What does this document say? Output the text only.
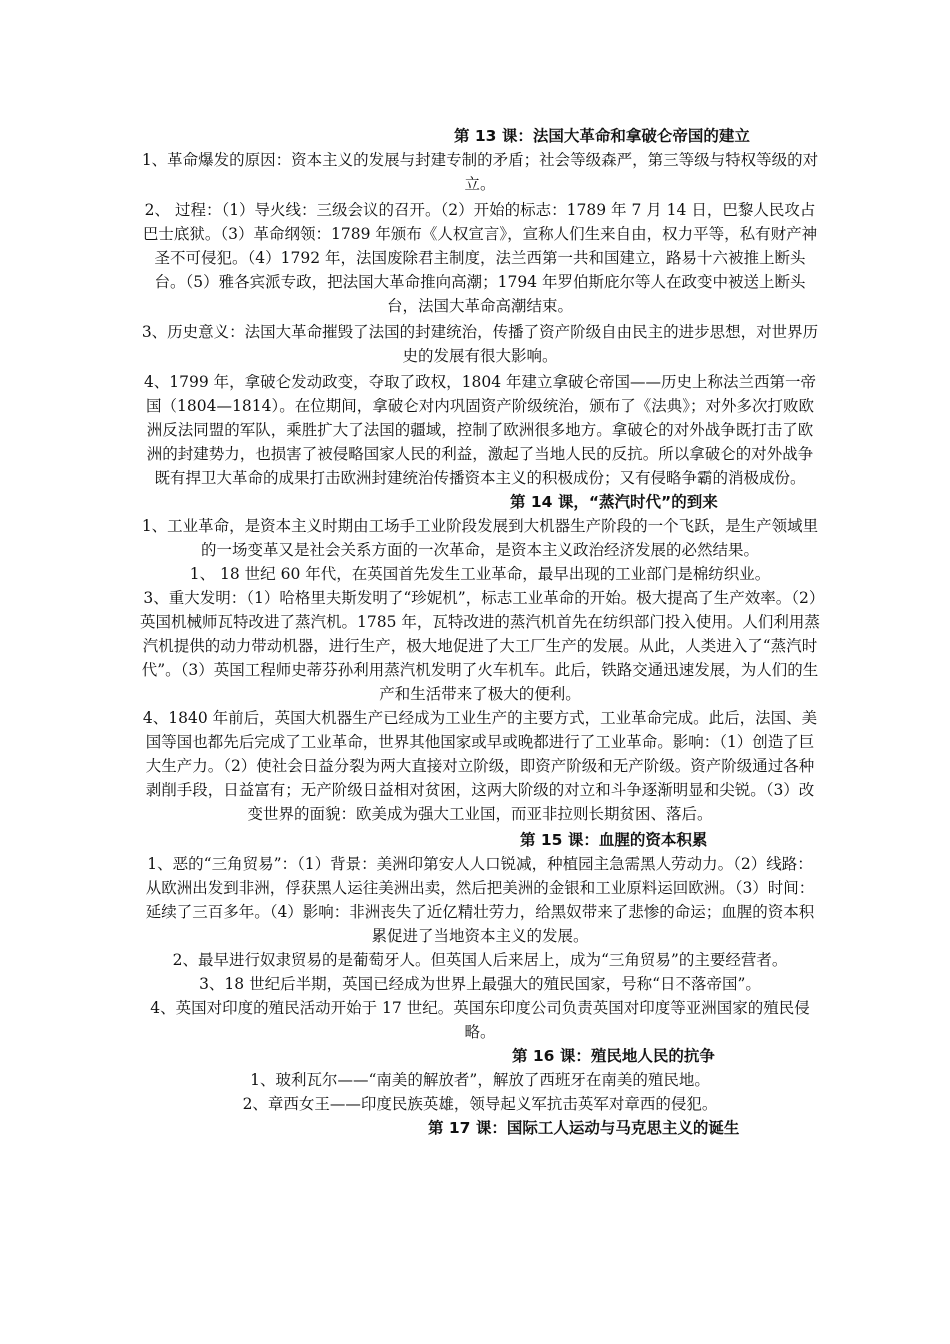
第 13 课：法国大革命和拿破仑帝国的建立

1、革命爆发的原因：资本主义的发展与封建专制的矛盾；社会等级森严，第三等级与特权等级的对立。

2、 过程：（1）导火线：三级会议的召开。（2）开始的标志：1789 年 7 月 14 日，巴黎人民攻占巴士底狱。（3）革命纲领：1789 年颁布《人权宣言》，宣称人们生来自由，权力平等，私有财产神圣不可侵犯。（4）1792 年，法国废除君主制度，法兰西第一共和国建立，路易十六被推上断头台。（5）雅各宾派专政，把法国大革命推向高潮；1794 年罗伯斯庇尔等人在政变中被送上断头台，法国大革命高潮结束。

3、历史意义：法国大革命摧毁了法国的封建统治，传播了资产阶级自由民主的进步思想，对世界历史的发展有很大影响。

4、1799 年，拿破仑发动政变，夺取了政权，1804 年建立拿破仑帝国——历史上称法兰西第一帝国（1804—1814）。在位期间，拿破仑对内巩固资产阶级统治，颁布了《法典》；对外多次打败欧洲反法同盟的军队，乘胜扩大了法国的疆域，控制了欧洲很多地方。拿破仑的对外战争既打击了欧洲的封建势力，也损害了被侵略国家人民的利益，激起了当地人民的反抗。所以拿破仑的对外战争既有捍卫大革命的成果打击欧洲封建统治传播资本主义的积极成份；又有侵略争霸的消极成份。

第 14 课，“蒸汽时代”的到来

1、工业革命，是资本主义时期由工场手工业阶段发展到大机器生产阶段的一个飞跃，是生产领域里的一场变革又是社会关系方面的一次革命，是资本主义政治经济发展的必然结果。

1、 18 世纪 60 年代，在英国首先发生工业革命，最早出现的工业部门是棉纺织业。

3、重大发明：（1）哈格里夫斯发明了“珍妮机”，标志工业革命的开始。极大提高了生产效率。（2）英国机械师瓦特改进了蒸汽机。1785 年，瓦特改进的蒸汽机首先在纺织部门投入使用。人们利用蒸汽机提供的动力带动机器，进行生产，极大地促进了大工厂生产的发展。从此，人类进入了“蒸汽时代”。（3）英国工程师史蒂芬孙利用蒸汽机发明了火车机车。此后，铁路交通迅速发展，为人们的生产和生活带来了极大的便利。

4、1840 年前后，英国大机器生产已经成为工业生产的主要方式，工业革命完成。此后，法国、美国等国也都先后完成了工业革命，世界其他国家或早或晚都进行了工业革命。影响：（1）创造了巨大生产力。（2）使社会日益分裂为两大直接对立阶级，即资产阶级和无产阶级。资产阶级通过各种剥削手段，日益富有；无产阶级日益相对贫困，这两大阶级的对立和斗争逐渐明显和尖锐。（3）改变世界的面貌：欧美成为强大工业国，而亚非拉则长期贫困、落后。

第 15 课：血腥的资本积累

1、恶的“三角贸易”：（1）背景：美洲印第安人人口锐减，种植园主急需黑人劳动力。（2）线路：从欧洲出发到非洲，俘获黑人运往美洲出卖，然后把美洲的金银和工业原料运回欧洲。（3）时间：延续了三百多年。（4）影响：非洲丧失了近亿精壮劳力，给黑奴带来了悲惨的命运；血腥的资本积累促进了当地资本主义的发展。

2、最早进行奴隶贸易的是葡萄牙人。但英国人后来居上，成为“三角贸易”的主要经营者。

3、18 世纪后半期，英国已经成为世界上最强大的殖民国家，号称“日不落帝国”。

4、英国对印度的殖民活动开始于 17 世纪。英国东印度公司负责英国对印度等亚洲国家的殖民侵略。

第 16 课：殖民地人民的抗争

1、玻利瓦尔——“南美的解放者”，解放了西班牙在南美的殖民地。

2、章西女王——印度民族英雄，领导起义军抗击英军对章西的侵犯。

第 17 课：国际工人运动与马克思主义的诞生
